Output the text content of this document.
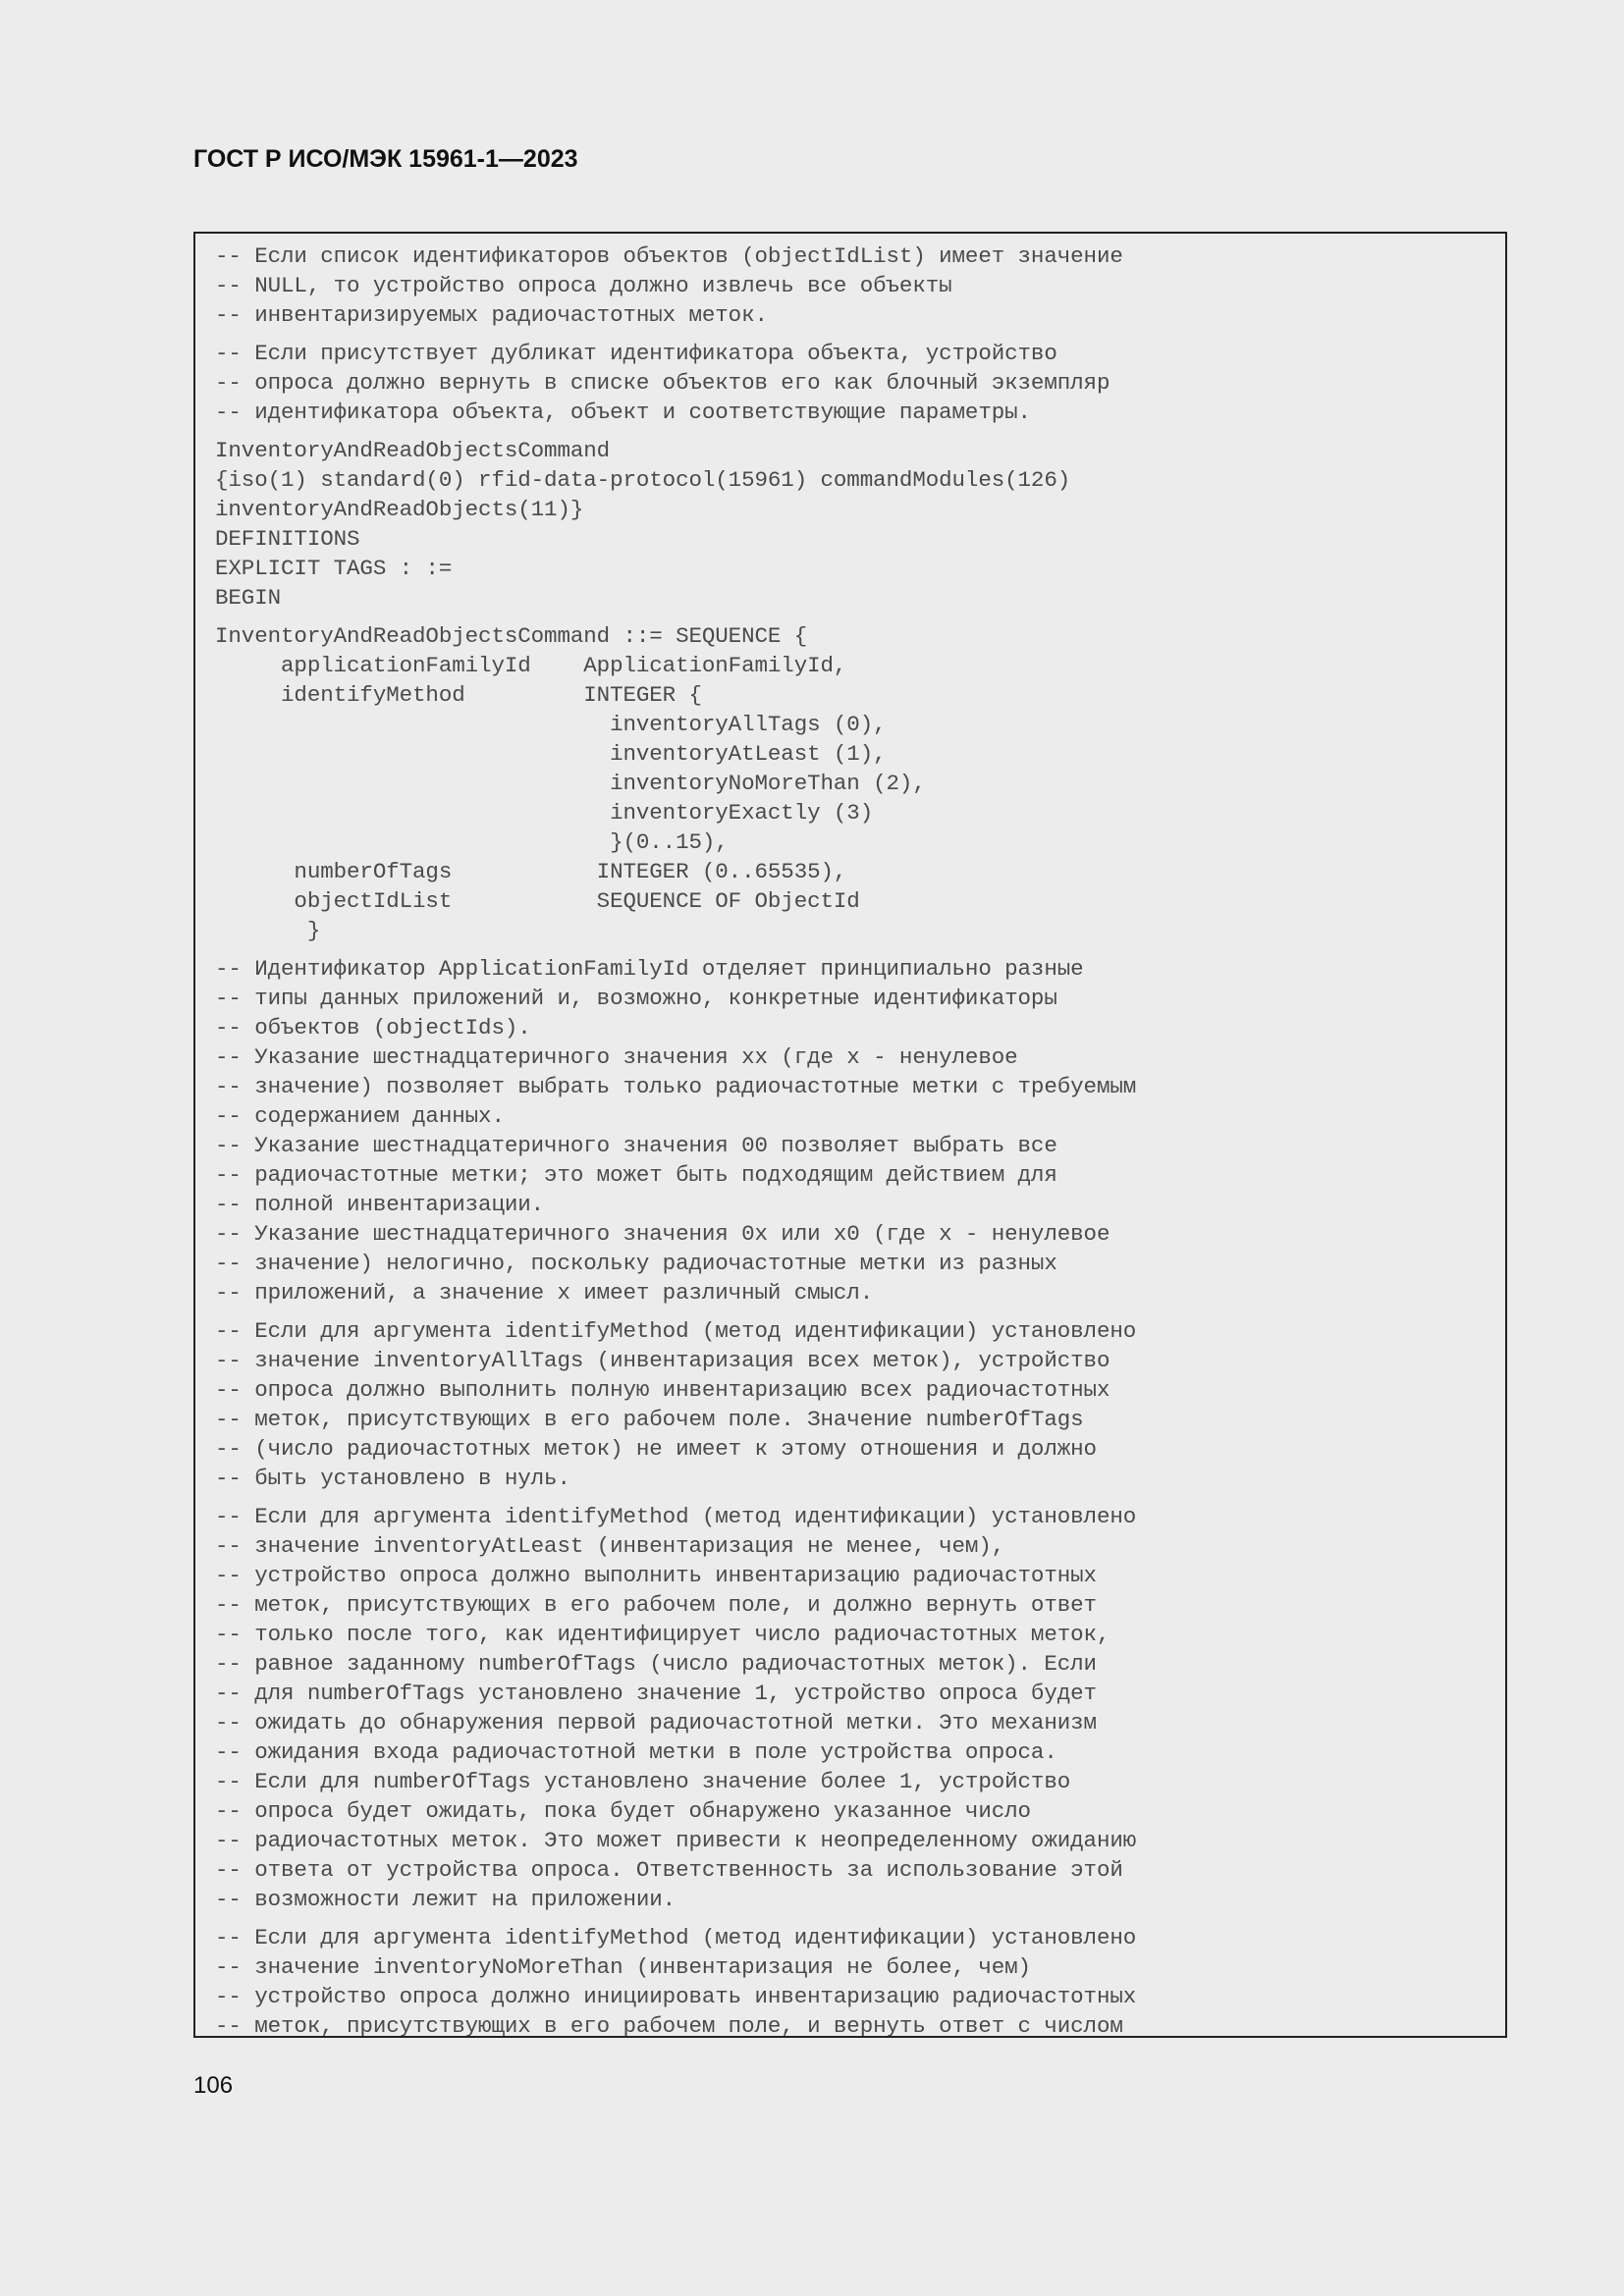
ГОСТ Р ИСО/МЭК 15961-1—2023
-- Если список идентификаторов объектов (objectIdList) имеет значение
-- NULL, то устройство опроса должно извлечь все объекты
-- инвентаризируемых радиочастотных меток.
-- Если присутствует дубликат идентификатора объекта, устройство
-- опроса должно вернуть в списке объектов его как блочный экземпляр
-- идентификатора объекта, объект и соответствующие параметры.
InventoryAndReadObjectsCommand
{iso(1) standard(0) rfid-data-protocol(15961) commandModules(126)
inventoryAndReadObjects(11)}
DEFINITIONS
EXPLICIT TAGS : :=
BEGIN
InventoryAndReadObjectsCommand ::= SEQUENCE {
applicationFamilyId    ApplicationFamilyId,
identifyMethod         INTEGER {
inventoryAllTags (0),
inventoryAtLeast (1),
inventoryNoMoreThan (2),
inventoryExactly (3)
}(0..15),
numberOfTags           INTEGER (0..65535),
objectIdList           SEQUENCE OF ObjectId
}
-- Идентификатор ApplicationFamilyId отделяет принципиально разные
-- типы данных приложений и, возможно, конкретные идентификаторы
-- объектов (objectIds).
-- Указание шестнадцатеричного значения хх (где х - ненулевое
-- значение) позволяет выбрать только радиочастотные метки с требуемым
-- содержанием данных.
-- Указание шестнадцатеричного значения 00 позволяет выбрать все
-- радиочастотные метки; это может быть подходящим действием для
-- полной инвентаризации.
-- Указание шестнадцатеричного значения 0х или х0 (где х - ненулевое
-- значение) нелогично, поскольку радиочастотные метки из разных
-- приложений, а значение х имеет различный смысл.
-- Если для аргумента identifyMethod (метод идентификации) установлено
-- значение inventoryAllTags (инвентаризация всех меток), устройство
-- опроса должно выполнить полную инвентаризацию всех радиочастотных
-- меток, присутствующих в его рабочем поле. Значение numberOfTags
-- (число радиочастотных меток) не имеет к этому отношения и должно
-- быть установлено в нуль.
-- Если для аргумента identifyMethod (метод идентификации) установлено
-- значение inventoryAtLeast (инвентаризация не менее, чем),
-- устройство опроса должно выполнить инвентаризацию радиочастотных
-- меток, присутствующих в его рабочем поле, и должно вернуть ответ
-- только после того, как идентифицирует число радиочастотных меток,
-- равное заданному numberOfTags (число радиочастотных меток). Если
-- для numberOfTags установлено значение 1, устройство опроса будет
-- ожидать до обнаружения первой радиочастотной метки. Это механизм
-- ожидания входа радиочастотной метки в поле устройства опроса.
-- Если для numberOfTags установлено значение более 1, устройство
-- опроса будет ожидать, пока будет обнаружено указанное число
-- радиочастотных меток. Это может привести к неопределенному ожиданию
-- ответа от устройства опроса. Ответственность за использование этой
-- возможности лежит на приложении.
-- Если для аргумента identifyMethod (метод идентификации) установлено
-- значение inventoryNoMoreThan (инвентаризация не более, чем)
-- устройство опроса должно инициировать инвентаризацию радиочастотных
-- меток, присутствующих в его рабочем поле, и вернуть ответ с числом
106
